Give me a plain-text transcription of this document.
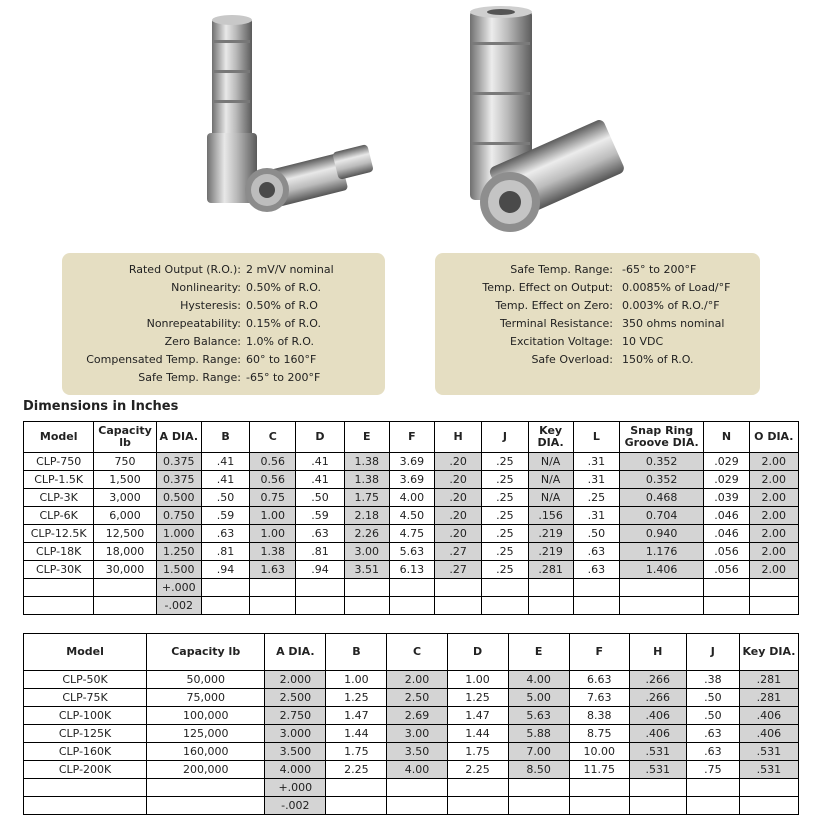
Rated Output (R.O.): 2 mV/V nominal
Nonlinearity: 0.50% of R.O.
Hysteresis: 0.50% of R.O
Nonrepeatability: 0.15% of R.O.
Zero Balance: 1.0% of R.O.
Compensated Temp. Range: 60° to 160°F
Safe Temp. Range: -65° to 200°F
Safe Temp. Range: -65° to 200°F
Temp. Effect on Output: 0.0085% of Load/°F
Temp. Effect on Zero: 0.003% of R.O./°F
Terminal Resistance: 350 ohms nominal
Excitation Voltage: 10 VDC
Safe Overload: 150% of R.O.
Dimensions in Inches
Model	Capacity lb	A DIA.	B	C	D	E	F	H	J	Key DIA.	L	Snap Ring Groove DIA.	N	O DIA.
CLP-750	750	0.375	.41	0.56	.41	1.38	3.69	.20	.25	N/A	.31	0.352	.029	2.00
CLP-1.5K	1,500	0.375	.41	0.56	.41	1.38	3.69	.20	.25	N/A	.31	0.352	.029	2.00
CLP-3K	3,000	0.500	.50	0.75	.50	1.75	4.00	.20	.25	N/A	.25	0.468	.039	2.00
CLP-6K	6,000	0.750	.59	1.00	.59	2.18	4.50	.20	.25	.156	.31	0.704	.046	2.00
CLP-12.5K	12,500	1.000	.63	1.00	.63	2.26	4.75	.20	.25	.219	.50	0.940	.046	2.00
CLP-18K	18,000	1.250	.81	1.38	.81	3.00	5.63	.27	.25	.219	.63	1.176	.056	2.00
CLP-30K	30,000	1.500	.94	1.63	.94	3.51	6.13	.27	.25	.281	.63	1.406	.056	2.00
		+.000												
		-.002												
Model	Capacity lb	A DIA.	B	C	D	E	F	H	J	Key DIA.
CLP-50K	50,000	2.000	1.00	2.00	1.00	4.00	6.63	.266	.38	.281
CLP-75K	75,000	2.500	1.25	2.50	1.25	5.00	7.63	.266	.50	.281
CLP-100K	100,000	2.750	1.47	2.69	1.47	5.63	8.38	.406	.50	.406
CLP-125K	125,000	3.000	1.44	3.00	1.44	5.88	8.75	.406	.63	.406
CLP-160K	160,000	3.500	1.75	3.50	1.75	7.00	10.00	.531	.63	.531
CLP-200K	200,000	4.000	2.25	4.00	2.25	8.50	11.75	.531	.75	.531
		+.000								
		-.002								
